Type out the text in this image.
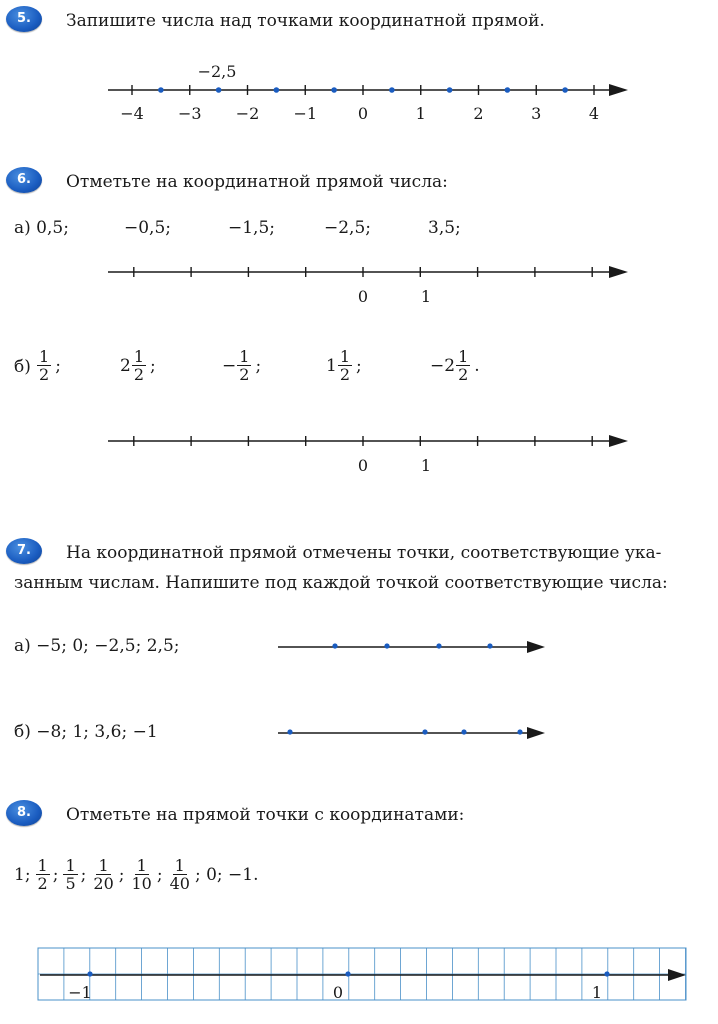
5.	Запишите числа над точками координатной прямой.
−4 −3 −2 −1	0	1	2	3	4
−2,5
6.	Отметьте на координатной прямой числа:
а) 0,5;	−0,5;	−1,5;	−2,5;	3,5;
0	1
$б) \frac{1}{2}$ ;	$2 \frac{1}{2}$ ;	− $\frac{1}{2}$ ;	$1 \frac{1}{2}$ ;	$-2 \frac{1}{2}$ .
0	1
7.	На координатной прямой отмечены точки, соответствующие ука-
занным числам. Напишите под каждой точкой соответствующие числа:
а) −5; 0; −2,5; 2,5;
б) −8; 1; 3,6; −1
8.	Отметьте на прямой точки с координатами:
1; $\frac{1}{2}$ ; $\frac{1}{5}$ ; $\frac{1}{20}$ ; $\frac{1}{10}$ ; $\frac{1}{40}$ ; 0; −1.
−1	0	1
